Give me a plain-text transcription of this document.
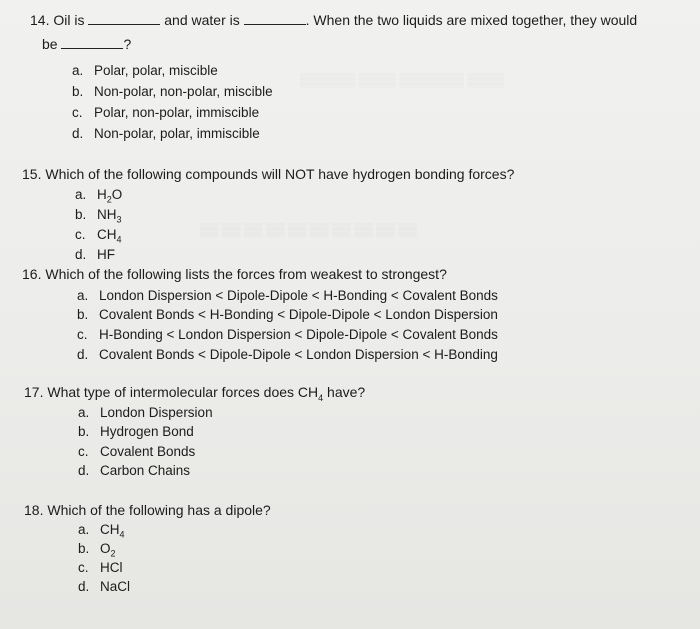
▒▒▒▒▒▒ ▒▒▒▒ ▒▒▒▒▒▒▒ ▒▒▒▒
▒▒ ▒▒ ▒▒ ▒▒ ▒▒ ▒▒ ▒▒ ▒▒ ▒▒ ▒▒
14. Oil is	and water is	. When the two liquids are mixed together, they would
be	?
a. Polar, polar, miscible
b. Non-polar, non-polar, miscible
c. Polar, non-polar, immiscible
d. Non-polar, polar, immiscible
15. Which of the following compounds will NOT have hydrogen bonding forces?
a. $H_2O$
b. $NH_3$
c. $CH_4$
d. HF
16. Which of the following lists the forces from weakest to strongest?
a. London Dispersion < Dipole-Dipole < H-Bonding < Covalent Bonds
b. Covalent Bonds < H-Bonding < Dipole-Dipole < London Dispersion
c. H-Bonding < London Dispersion < Dipole-Dipole < Covalent Bonds
d. Covalent Bonds < Dipole-Dipole < London Dispersion < H-Bonding
17. What type of intermolecular forces does $CH_4$ have?
a. London Dispersion
b. Hydrogen Bond
c. Covalent Bonds
d. Carbon Chains
18. Which of the following has a dipole?
a. $CH_4$
b. $O_2$
c. HCl
d. NaCl
